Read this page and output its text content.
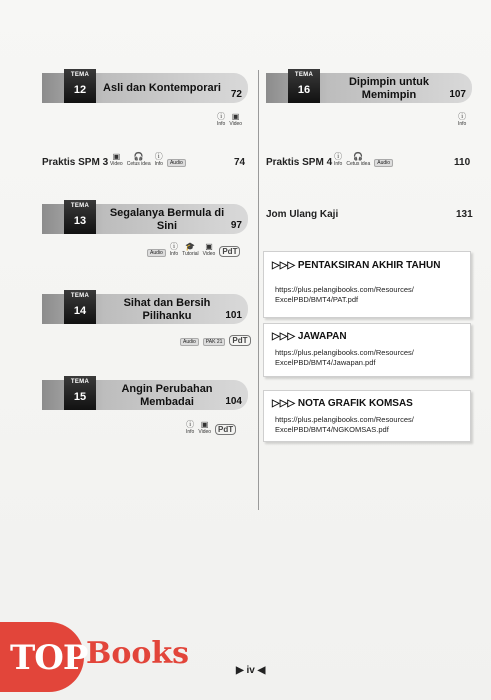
TEMA
12	Asli dan Kontemporari
72
ⓘ
Info
▣
Video
Praktis SPM 3
▣
Video
🎧
Cetus idea
ⓘ
Info	Audio	74
TEMA
13
Segalanya Bermula di Sini	97
Audio
ⓘ
Info
🎓
Tutorial
▣
Video PdT
TEMA
14
Sihat dan Bersih Pilihanku	101
Audio	PAK 21	PdT
TEMA
15
Angin Perubahan Membadai	104
ⓘ
Info
▣
Video PdT
TEMA
16
Dipimpin untuk Memimpin	107
ⓘ
Info
Praktis SPM 4
ⓘ
Info
🎧
Cetus idea	Audio	110
Jom Ulang Kaji	131
▷▷▷ PENTAKSIRAN AKHIR TAHUN
https://plus.pelangibooks.com/Resources/
ExcelPBD/BMT4/PAT.pdf
▷▷▷ JAWAPAN
https://plus.pelangibooks.com/Resources/
ExcelPBD/BMT4/Jawapan.pdf
▷▷▷ NOTA GRAFIK KOMSAS
https://plus.pelangibooks.com/Resources/
ExcelPBD/BMT4/NGKOMSAS.pdf
TOP
Books	▶ iv ◀
